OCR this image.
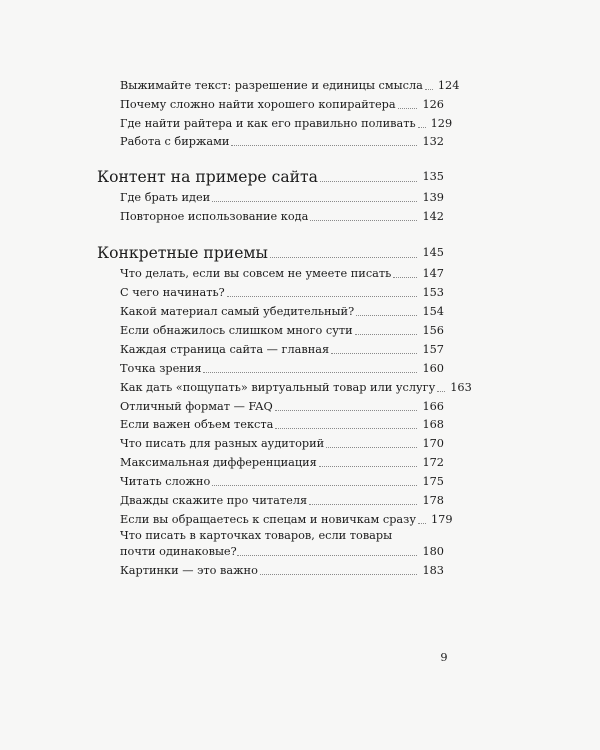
Выжимайте текст: разрешение и единицы смысла 124
Почему сложно найти хорошего копирайтера 126
Где найти райтера и как его правильно поливать 129
Работа с биржами	132
Контент на примере сайта	135
Где брать идеи	139
Повторное использование кода	142
Конкретные приемы	145
Что делать, если вы совсем не умеете писать	147
С чего начинать?	153
Какой материал самый убедительный?	154
Если обнажилось слишком много сути	156
Каждая страница сайта — главная	157
Точка зрения	160
Как дать «пощупать» виртуальный товар или услугу 163
Отличный формат — FAQ	166
Если важен объем текста	168
Что писать для разных аудиторий	170
Максимальная дифференциация	172
Читать сложно	175
Дважды скажите про читателя	178
Если вы обращаетесь к спецам и новичкам сразу 179
Что писать в карточках товаров, если товары
почти одинаковые?	180
Картинки — это важно	183
9
